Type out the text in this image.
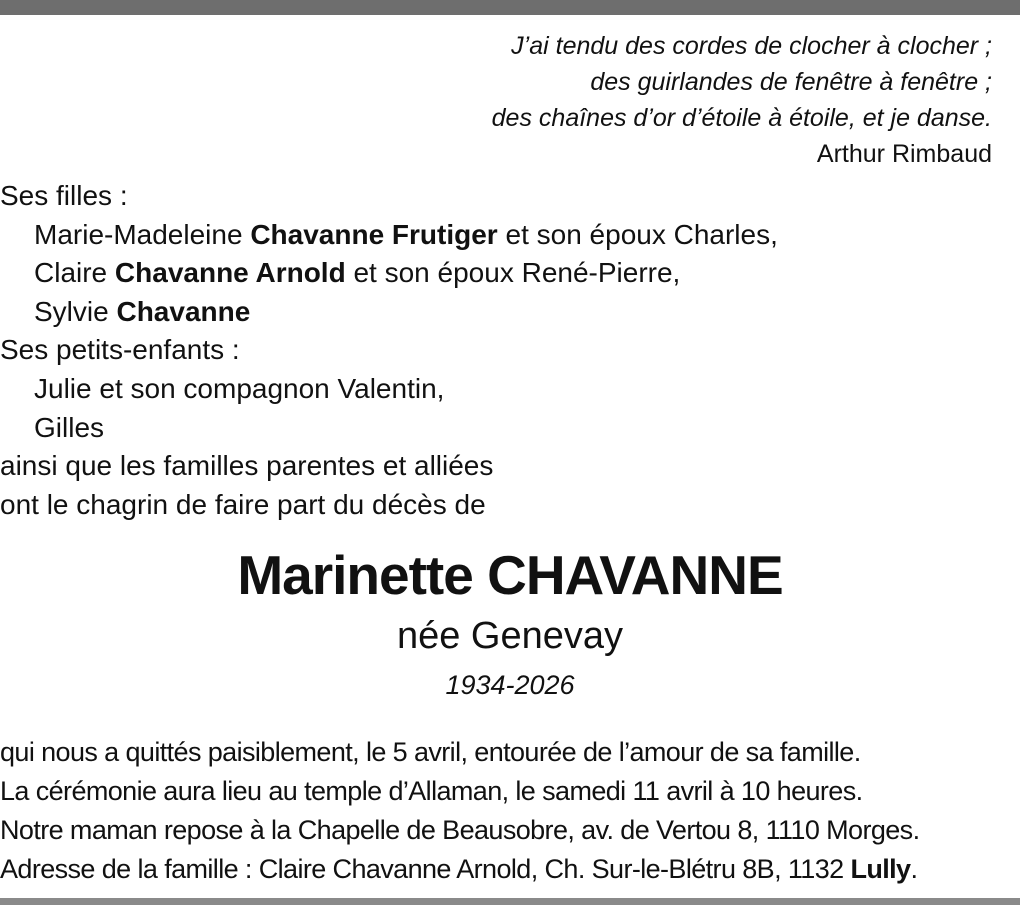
J’ai tendu des cordes de clocher à clocher ;
des guirlandes de fenêtre à fenêtre ;
des chaînes d’or d’étoile à étoile, et je danse.
Arthur Rimbaud
Ses filles :
Marie-Madeleine Chavanne Frutiger et son époux Charles,
Claire Chavanne Arnold et son époux René-Pierre,
Sylvie Chavanne
Ses petits-enfants :
Julie et son compagnon Valentin,
Gilles
ainsi que les familles parentes et alliées
ont le chagrin de faire part du décès de
Marinette CHAVANNE
née Genevay
1934-2026
qui nous a quittés paisiblement, le 5 avril, entourée de l’amour de sa famille.
La cérémonie aura lieu au temple d’Allaman, le samedi 11 avril à 10 heures.
Notre maman repose à la Chapelle de Beausobre, av. de Vertou 8, 1110 Morges.
Adresse de la famille : Claire Chavanne Arnold, Ch. Sur-le-Blétru 8B, 1132 Lully.
